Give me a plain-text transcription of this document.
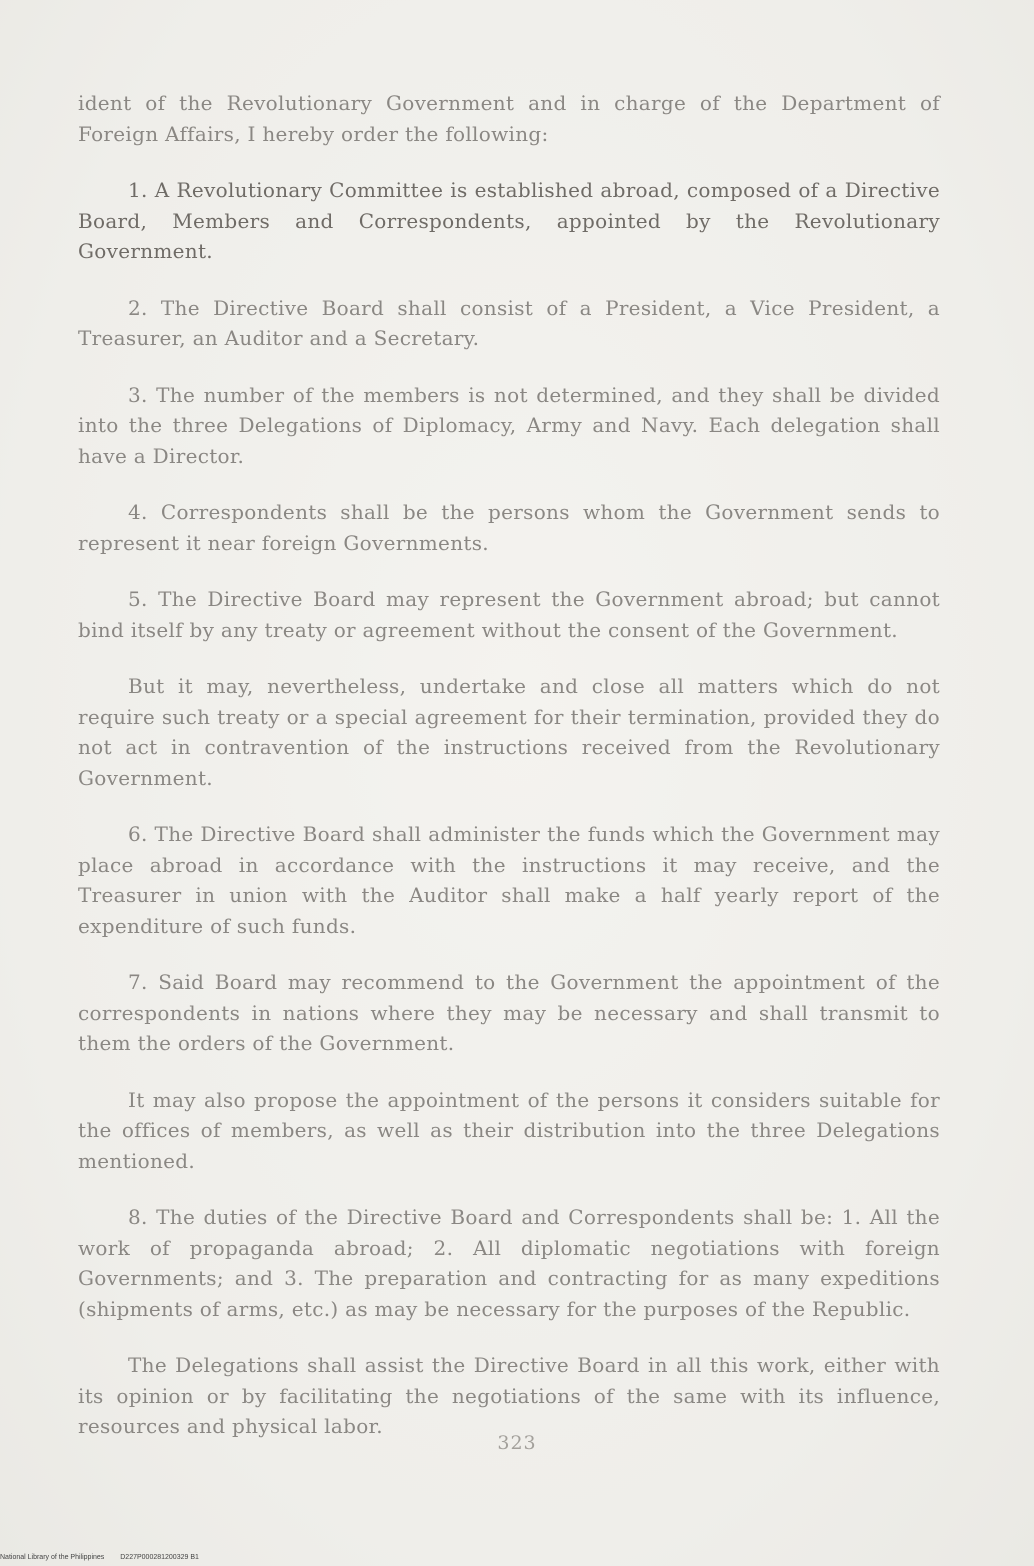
ident of the Revolutionary Government and in charge of the Department of Foreign Affairs, I hereby order the following:

1. A Revolutionary Committee is established abroad, composed of a Directive Board, Members and Correspondents, appointed by the Revolutionary Government.

2. The Directive Board shall consist of a President, a Vice President, a Treasurer, an Auditor and a Secretary.

3. The number of the members is not determined, and they shall be divided into the three Delegations of Diplomacy, Army and Navy. Each delegation shall have a Director.

4. Correspondents shall be the persons whom the Government sends to represent it near foreign Governments.

5. The Directive Board may represent the Government abroad; but cannot bind itself by any treaty or agreement without the consent of the Government.

But it may, nevertheless, undertake and close all matters which do not require such treaty or a special agreement for their termination, provided they do not act in contravention of the instructions received from the Revolutionary Government.

6. The Directive Board shall administer the funds which the Government may place abroad in accordance with the instructions it may receive, and the Treasurer in union with the Auditor shall make a half yearly report of the expenditure of such funds.

7. Said Board may recommend to the Government the appointment of the correspondents in nations where they may be necessary and shall transmit to them the orders of the Government.

It may also propose the appointment of the persons it considers suitable for the offices of members, as well as their distribution into the three Delegations mentioned.

8. The duties of the Directive Board and Correspondents shall be: 1. All the work of propaganda abroad; 2. All diplomatic negotiations with foreign Governments; and 3. The preparation and contracting for as many expeditions (shipments of arms, etc.) as may be necessary for the purposes of the Republic.

The Delegations shall assist the Directive Board in all this work, either with its opinion or by facilitating the negotiations of the same with its influence, resources and physical labor.

323
National Library of the Philippines D227P000281200329 B1
